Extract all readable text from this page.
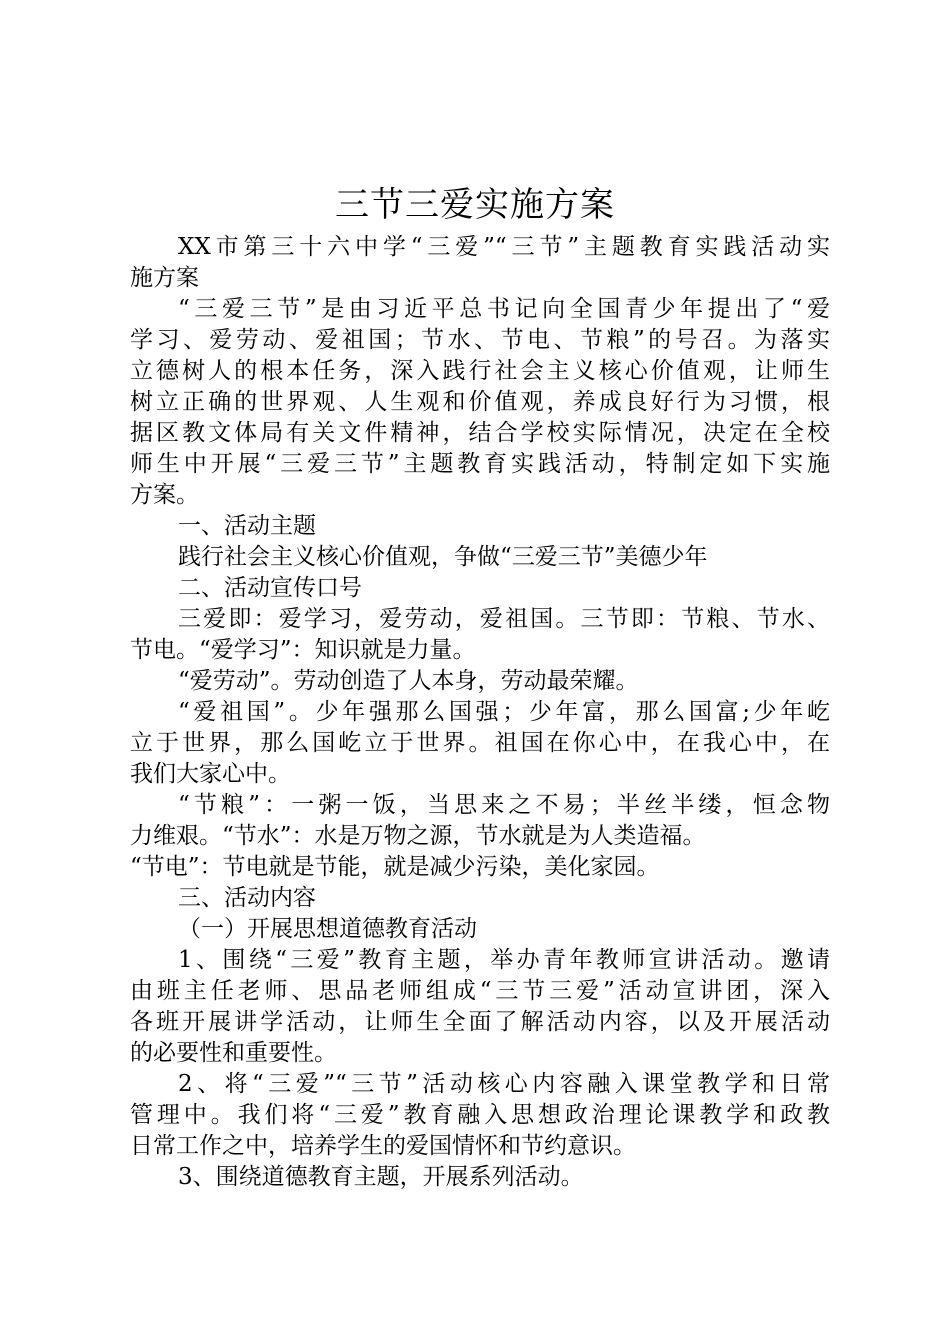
三节三爱实施方案
XX市第三十六中学“三爱”“三节”主题教育实践活动实
施方案
“三爱三节”是由习近平总书记向全国青少年提出了“爱
学习、爱劳动、爱祖国；节水、节电、节粮”的号召。为落实
立德树人的根本任务，深入践行社会主义核心价值观，让师生
树立正确的世界观、人生观和价值观，养成良好行为习惯，根
据区教文体局有关文件精神，结合学校实际情况，决定在全校
师生中开展“三爱三节”主题教育实践活动，特制定如下实施
方案。
一、活动主题
践行社会主义核心价值观，争做“三爱三节”美德少年
二、活动宣传口号
三爱即：爱学习，爱劳动，爱祖国。三节即：节粮、节水、
节电。“爱学习”：知识就是力量。
“爱劳动”。劳动创造了人本身，劳动最荣耀。
“爱祖国”。少年强那么国强；少年富，那么国富;少年屹
立于世界，那么国屹立于世界。祖国在你心中，在我心中，在
我们大家心中。
“节粮”：一粥一饭，当思来之不易；半丝半缕，恒念物
力维艰。“节水”：水是万物之源，节水就是为人类造福。
“节电”：节电就是节能，就是减少污染，美化家园。
三、活动内容
（一）开展思想道德教育活动
1、围绕“三爱”教育主题，举办青年教师宣讲活动。邀请
由班主任老师、思品老师组成“三节三爱”活动宣讲团，深入
各班开展讲学活动，让师生全面了解活动内容，以及开展活动
的必要性和重要性。
2、将“三爱”“三节”活动核心内容融入课堂教学和日常
管理中。我们将“三爱”教育融入思想政治理论课教学和政教
日常工作之中，培养学生的爱国情怀和节约意识。
3、围绕道德教育主题，开展系列活动。
